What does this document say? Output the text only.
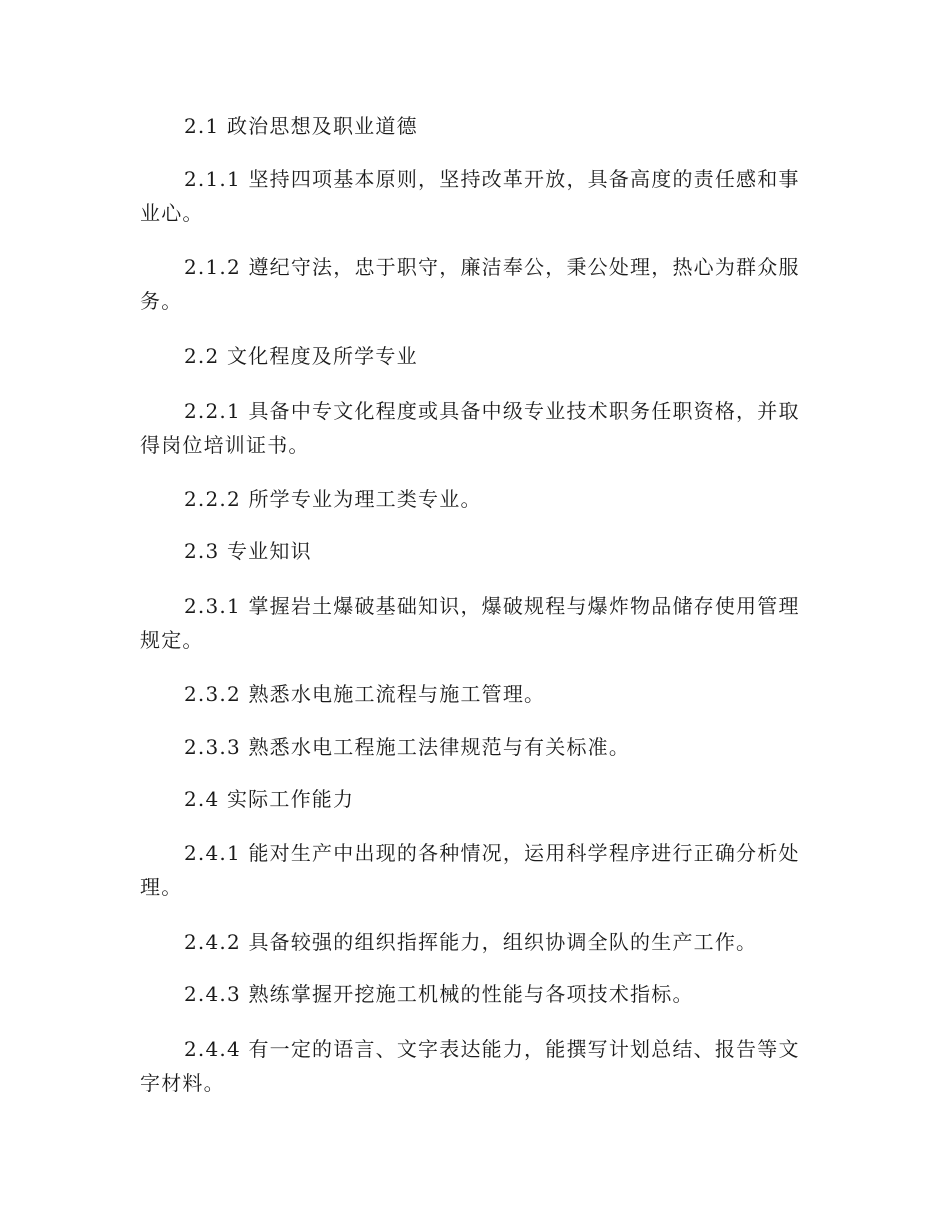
2.1 政治思想及职业道德

2.1.1 坚持四项基本原则，坚持改革开放，具备高度的责任感和事业心。

2.1.2 遵纪守法，忠于职守，廉洁奉公，秉公处理，热心为群众服务。

2.2 文化程度及所学专业

2.2.1 具备中专文化程度或具备中级专业技术职务任职资格，并取得岗位培训证书。

2.2.2 所学专业为理工类专业。

2.3 专业知识

2.3.1 掌握岩土爆破基础知识，爆破规程与爆炸物品储存使用管理规定。

2.3.2 熟悉水电施工流程与施工管理。

2.3.3 熟悉水电工程施工法律规范与有关标准。

2.4 实际工作能力

2.4.1 能对生产中出现的各种情况，运用科学程序进行正确分析处理。

2.4.2 具备较强的组织指挥能力，组织协调全队的生产工作。

2.4.3 熟练掌握开挖施工机械的性能与各项技术指标。

2.4.4 有一定的语言、文字表达能力，能撰写计划总结、报告等文字材料。
